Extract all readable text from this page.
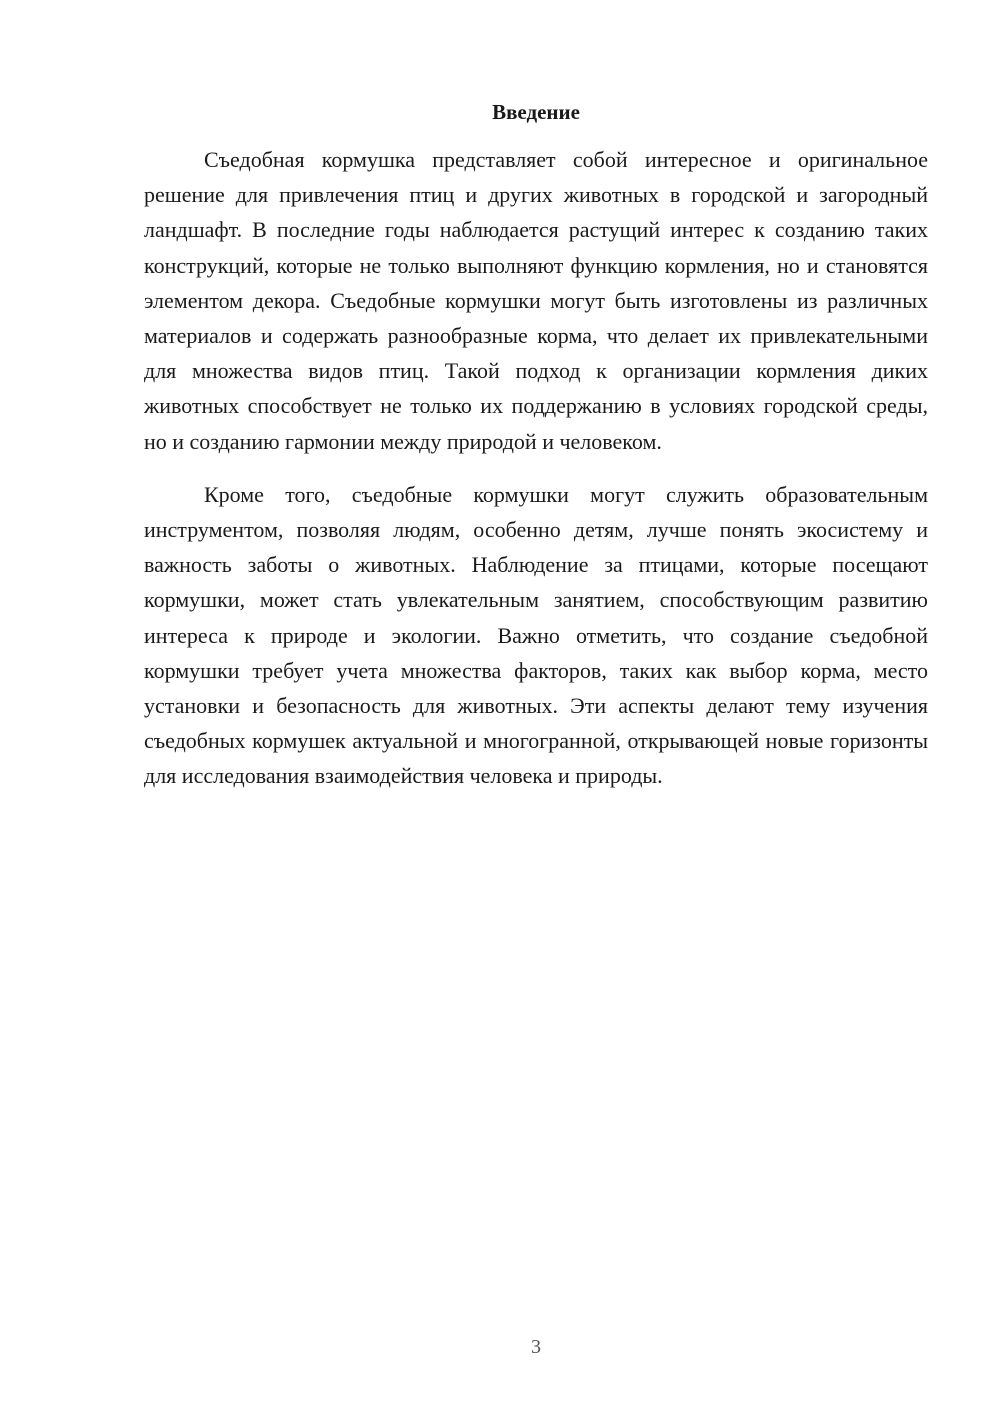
Введение

Съедобная кормушка представляет собой интересное и оригинальное решение для привлечения птиц и других животных в городской и загородный ландшафт. В последние годы наблюдается растущий интерес к созданию таких конструкций, которые не только выполняют функцию кормления, но и становятся элементом декора. Съедобные кормушки могут быть изготовлены из различных материалов и содержать разнообразные корма, что делает их привлекательными для множества видов птиц. Такой подход к организации кормления диких животных способствует не только их поддержанию в условиях городской среды, но и созданию гармонии между природой и человеком.

Кроме того, съедобные кормушки могут служить образовательным инструментом, позволяя людям, особенно детям, лучше понять экосистему и важность заботы о животных. Наблюдение за птицами, которые посещают кормушки, может стать увлекательным занятием, способствующим развитию интереса к природе и экологии. Важно отметить, что создание съедобной кормушки требует учета множества факторов, таких как выбор корма, место установки и безопасность для животных. Эти аспекты делают тему изучения съедобных кормушек актуальной и многогранной, открывающей новые горизонты для исследования взаимодействия человека и природы.

3
